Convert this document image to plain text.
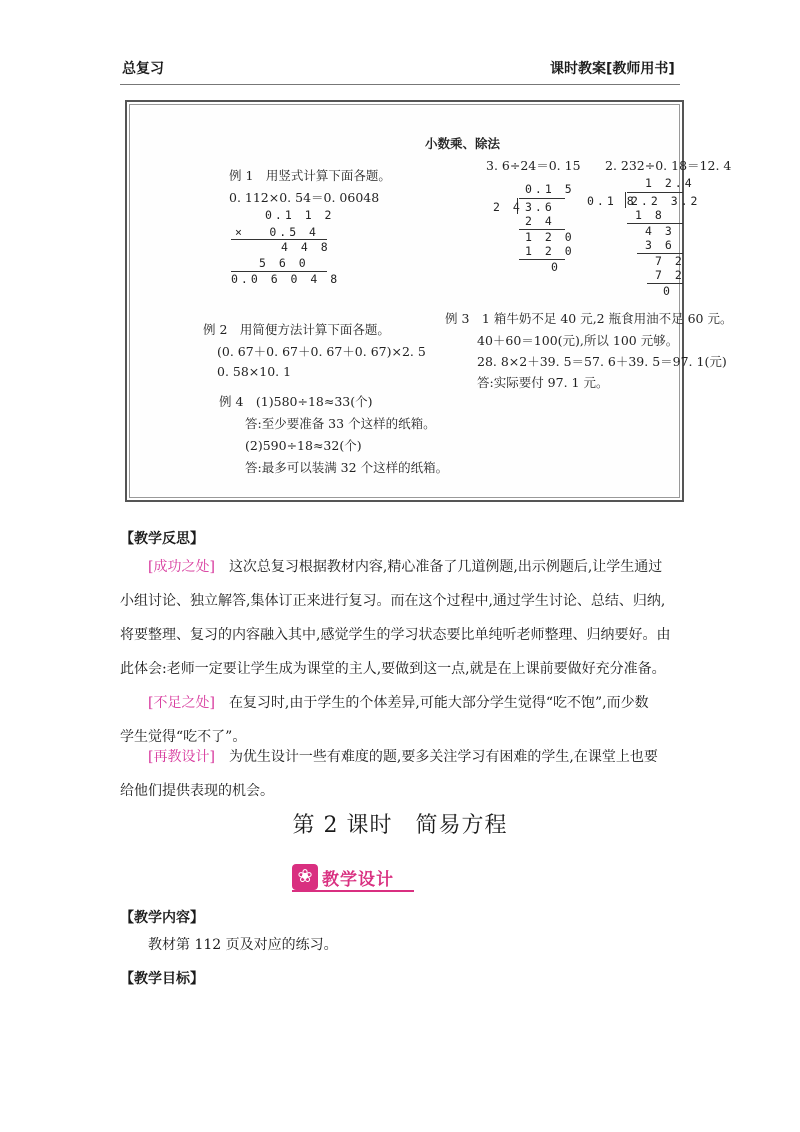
总复习	课时教案[教师用书]
小数乘、除法
例 1　用竖式计算下面各题。
0. 112×0. 54＝0. 06048
0.1 1 2
× 　0.5 4
4 4 8
5 6 0
0.0 6 0 4 8
3. 6÷24＝0. 15
0.1 5
2 4 3.6
2 4
1 2 0
1 2 0
0
2. 232÷0. 18＝12. 4
1 2.4
0.1 8
2.2 3.2
1 8
4 3
3 6
7 2
7 2
0
例 2　用简便方法计算下面各题。
(0. 67＋0. 67＋0. 67＋0. 67)×2. 5
0. 58×10. 1
例 3　1 箱牛奶不足 40 元,2 瓶食用油不足 60 元。
40＋60＝100(元),所以 100 元够。
28. 8×2＋39. 5＝57. 6＋39. 5＝97. 1(元)
答:实际要付 97. 1 元。
例 4　(1)580÷18≈33(个)
答:至少要准备 33 个这样的纸箱。
(2)590÷18≈32(个)
答:最多可以装满 32 个这样的纸箱。
【教学反思】
[成功之处]　 这次总复习根据教材内容,精心准备了几道例题,出示例题后,让学生通过
小组讨论、独立解答,集体订正来进行复习。而在这个过程中,通过学生讨论、总结、归纳,
将要整理、复习的内容融入其中,感觉学生的学习状态要比单纯听老师整理、归纳要好。由
此体会:老师一定要让学生成为课堂的主人,要做到这一点,就是在上课前要做好充分准备。
[不足之处]　 在复习时,由于学生的个体差异,可能大部分学生觉得“吃不饱”,而少数
学生觉得“吃不了”。
[再教设计]　 为优生设计一些有难度的题,要多关注学习有困难的学生,在课堂上也要
给他们提供表现的机会。
第 2 课时　简易方程
❀ 教学设计
【教学内容】
教材第 112 页及对应的练习。
【教学目标】
